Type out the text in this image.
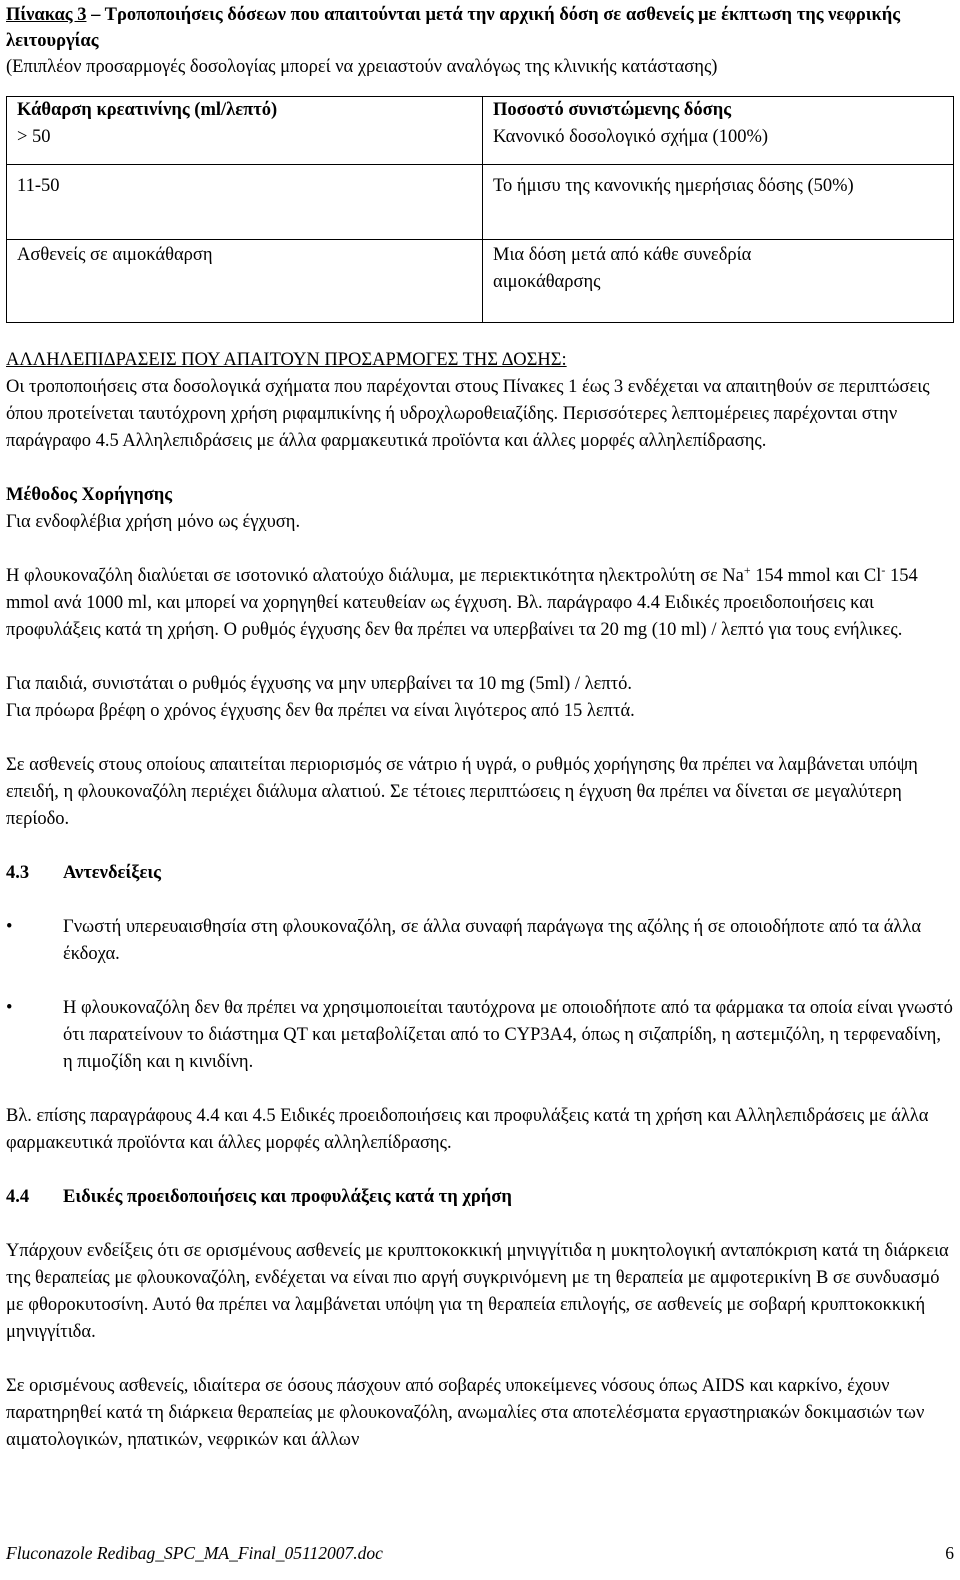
Πίνακας 3 – Τροποποιήσεις δόσεων που απαιτούνται μετά την αρχική δόση σε ασθενείς με έκπτωση της νεφρικής λειτουργίας

(Επιπλέον προσαρμογές δοσολογίας μπορεί να χρειαστούν αναλόγως της κλινικής κατάστασης)

Κάθαρση κρεατινίνης (ml/λεπτό)	Ποσοστό συνιστώμενης δόσης
> 50	Κανονικό δοσολογικό σχήμα (100%)
11-50	Το ήμισυ της κανονικής ημερήσιας δόσης (50%)
Ασθενείς σε αιμοκάθαρση	Μια δόση μετά από κάθε συνεδρία αιμοκάθαρσης

ΑΛΛΗΛΕΠΙΔΡΑΣΕΙΣ ΠΟΥ ΑΠΑΙΤΟΥΝ ΠΡΟΣΑΡΜΟΓΕΣ ΤΗΣ ΔΟΣΗΣ:

Οι τροποποιήσεις στα δοσολογικά σχήματα που παρέχονται στους Πίνακες 1 έως 3 ενδέχεται να απαιτηθούν σε περιπτώσεις όπου προτείνεται ταυτόχρονη χρήση ριφαμπικίνης ή υδροχλωροθειαζίδης. Περισσότερες λεπτομέρειες παρέχονται στην παράγραφο 4.5 Αλληλεπιδράσεις με άλλα φαρμακευτικά προϊόντα και άλλες μορφές αλληλεπίδρασης.

Μέθοδος Χορήγησης

Για ενδοφλέβια χρήση μόνο ως έγχυση.

Η φλουκοναζόλη διαλύεται σε ισοτονικό αλατούχο διάλυμα, με περιεκτικότητα ηλεκτρολύτη σε Na+ 154 mmol και Cl- 154 mmol ανά 1000 ml, και μπορεί να χορηγηθεί κατευθείαν ως έγχυση. Βλ. παράγραφο 4.4 Ειδικές προειδοποιήσεις και προφυλάξεις κατά τη χρήση. Ο ρυθμός έγχυσης δεν θα πρέπει να υπερβαίνει τα 20 mg (10 ml) / λεπτό για τους ενήλικες.

Για παιδιά, συνιστάται ο ρυθμός έγχυσης να μην υπερβαίνει τα 10 mg (5ml) / λεπτό.

Για πρόωρα βρέφη ο χρόνος έγχυσης δεν θα πρέπει να είναι λιγότερος από 15 λεπτά.

Σε ασθενείς στους οποίους απαιτείται περιορισμός σε νάτριο ή υγρά, ο ρυθμός χορήγησης θα πρέπει να λαμβάνεται υπόψη επειδή, η φλουκοναζόλη περιέχει διάλυμα αλατιού. Σε τέτοιες περιπτώσεις η έγχυση θα πρέπει να δίνεται σε μεγαλύτερη περίοδο.

4.3	Αντενδείξεις
•	Γνωστή υπερευαισθησία στη φλουκοναζόλη, σε άλλα συναφή παράγωγα της αζόλης ή σε οποιοδήποτε από τα άλλα έκδοχα.

•	Η φλουκοναζόλη δεν θα πρέπει να χρησιμοποιείται ταυτόχρονα με οποιοδήποτε από τα φάρμακα τα οποία είναι γνωστό ότι παρατείνουν το διάστημα QT και μεταβολίζεται από το CYP3A4, όπως η σιζαπρίδη, η αστεμιζόλη, η τερφεναδίνη, η πιμοζίδη και η κινιδίνη.

Βλ. επίσης παραγράφους 4.4 και 4.5 Ειδικές προειδοποιήσεις και προφυλάξεις κατά τη χρήση και Αλληλεπιδράσεις με άλλα φαρμακευτικά προϊόντα και άλλες μορφές αλληλεπίδρασης.

4.4	Ειδικές προειδοποιήσεις και προφυλάξεις κατά τη χρήση

Υπάρχουν ενδείξεις ότι σε ορισμένους ασθενείς με κρυπτοκοκκική μηνιγγίτιδα η μυκητολογική ανταπόκριση κατά τη διάρκεια της θεραπείας με φλουκοναζόλη, ενδέχεται να είναι πιο αργή συγκρινόμενη με τη θεραπεία με αμφοτερικίνη Β σε συνδυασμό με φθοροκυτοσίνη. Αυτό θα πρέπει να λαμβάνεται υπόψη για τη θεραπεία επιλογής, σε ασθενείς με σοβαρή κρυπτοκοκκική μηνιγγίτιδα.

Σε ορισμένους ασθενείς, ιδιαίτερα σε όσους πάσχουν από σοβαρές υποκείμενες νόσους όπως AIDS και καρκίνο, έχουν παρατηρηθεί κατά τη διάρκεια θεραπείας με φλουκοναζόλη, ανωμαλίες στα αποτελέσματα εργαστηριακών δοκιμασιών των αιματολογικών, ηπατικών, νεφρικών και άλλων

Fluconazole Redibag_SPC_MA_Final_05112007.doc	6
